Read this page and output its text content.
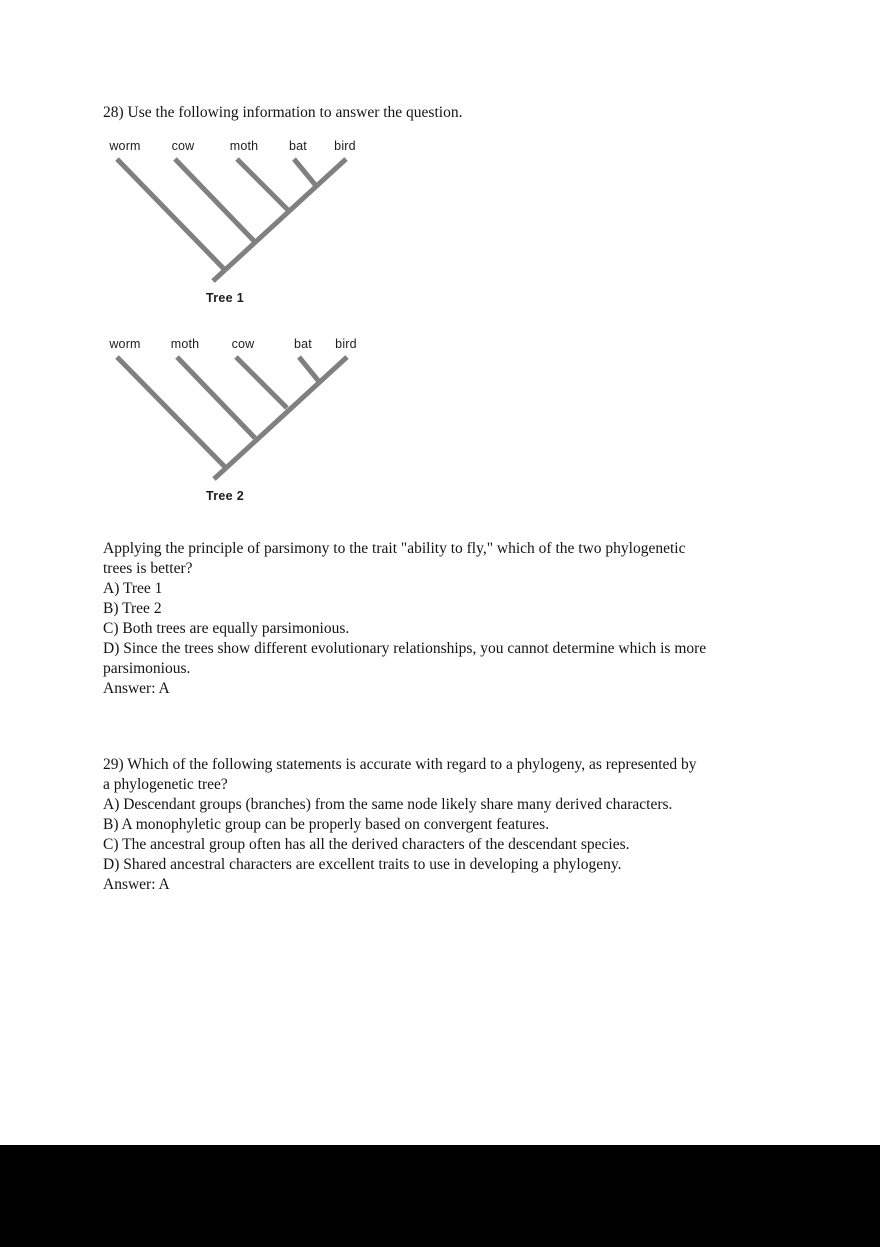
28) Use the following information to answer the question.

worm cow	moth bat bird
Tree 1
worm moth	cow	bat bird
Tree 2

Applying the principle of parsimony to the trait "ability to fly," which of the two phylogenetic

trees is better?

A) Tree 1

B) Tree 2

C) Both trees are equally parsimonious.

D) Since the trees show different evolutionary relationships, you cannot determine which is more

parsimonious.

Answer: A

29) Which of the following statements is accurate with regard to a phylogeny, as represented by

a phylogenetic tree?

A) Descendant groups (branches) from the same node likely share many derived characters.

B) A monophyletic group can be properly based on convergent features.

C) The ancestral group often has all the derived characters of the descendant species.

D) Shared ancestral characters are excellent traits to use in developing a phylogeny.

Answer: A
